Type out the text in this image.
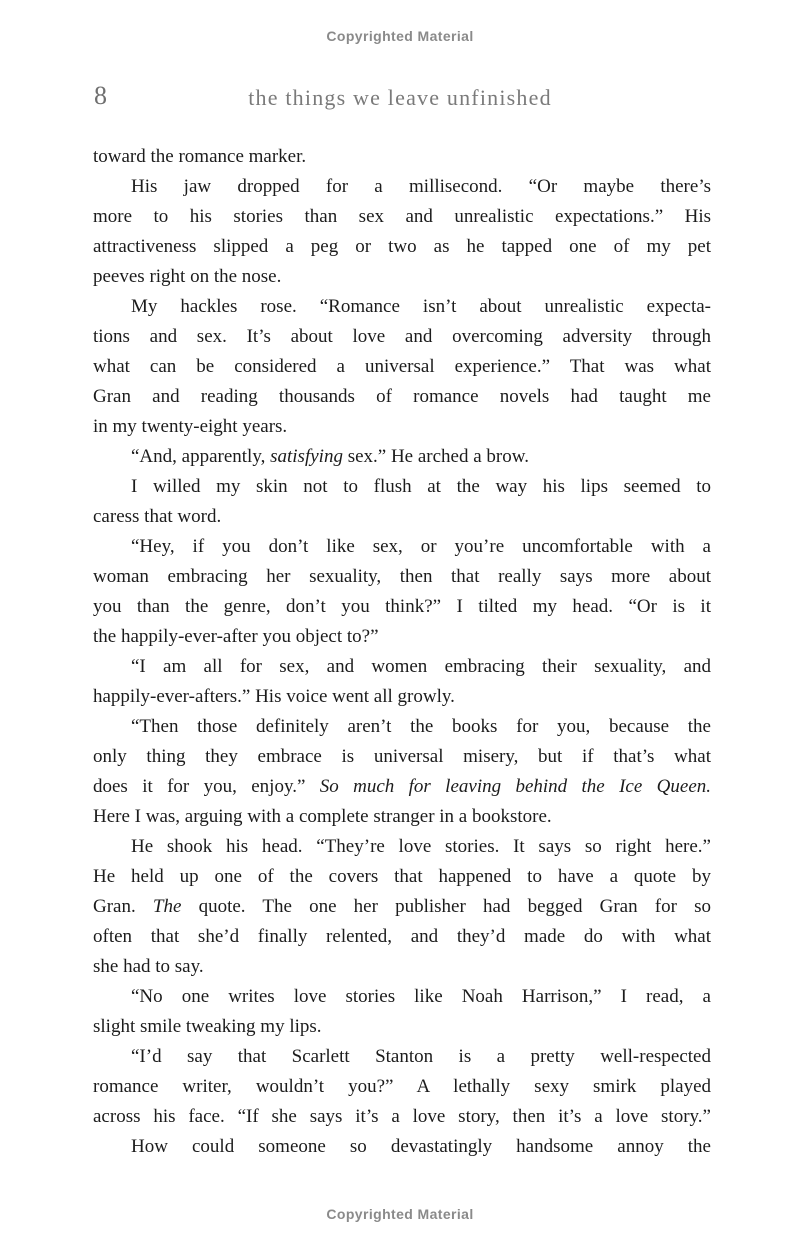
Copyrighted Material
8	the things we leave unfinished
toward the romance marker.
His jaw dropped for a millisecond. “Or maybe there’s
more to his stories than sex and unrealistic expectations.” His
attractiveness slipped a peg or two as he tapped one of my pet
peeves right on the nose.
My hackles rose. “Romance isn’t about unrealistic expecta-
tions and sex. It’s about love and overcoming adversity through
what can be considered a universal experience.” That was what
Gran and reading thousands of romance novels had taught me
in my twenty-eight years.
“And, apparently, satisfying sex.” He arched a brow.
I willed my skin not to flush at the way his lips seemed to
caress that word.
“Hey, if you don’t like sex, or you’re uncomfortable with a
woman embracing her sexuality, then that really says more about
you than the genre, don’t you think?” I tilted my head. “Or is it
the happily-ever-after you object to?”
“I am all for sex, and women embracing their sexuality, and
happily-ever-afters.” His voice went all growly.
“Then those definitely aren’t the books for you, because the
only thing they embrace is universal misery, but if that’s what
does it for you, enjoy.” So much for leaving behind the Ice Queen.
Here I was, arguing with a complete stranger in a bookstore.
He shook his head. “They’re love stories. It says so right here.”
He held up one of the covers that happened to have a quote by
Gran. The quote. The one her publisher had begged Gran for so
often that she’d finally relented, and they’d made do with what
she had to say.
“No one writes love stories like Noah Harrison,” I read, a
slight smile tweaking my lips.
“I’d say that Scarlett Stanton is a pretty well-respected
romance writer, wouldn’t you?” A lethally sexy smirk played
across his face. “If she says it’s a love story, then it’s a love story.”
How could someone so devastatingly handsome annoy the
Copyrighted Material
